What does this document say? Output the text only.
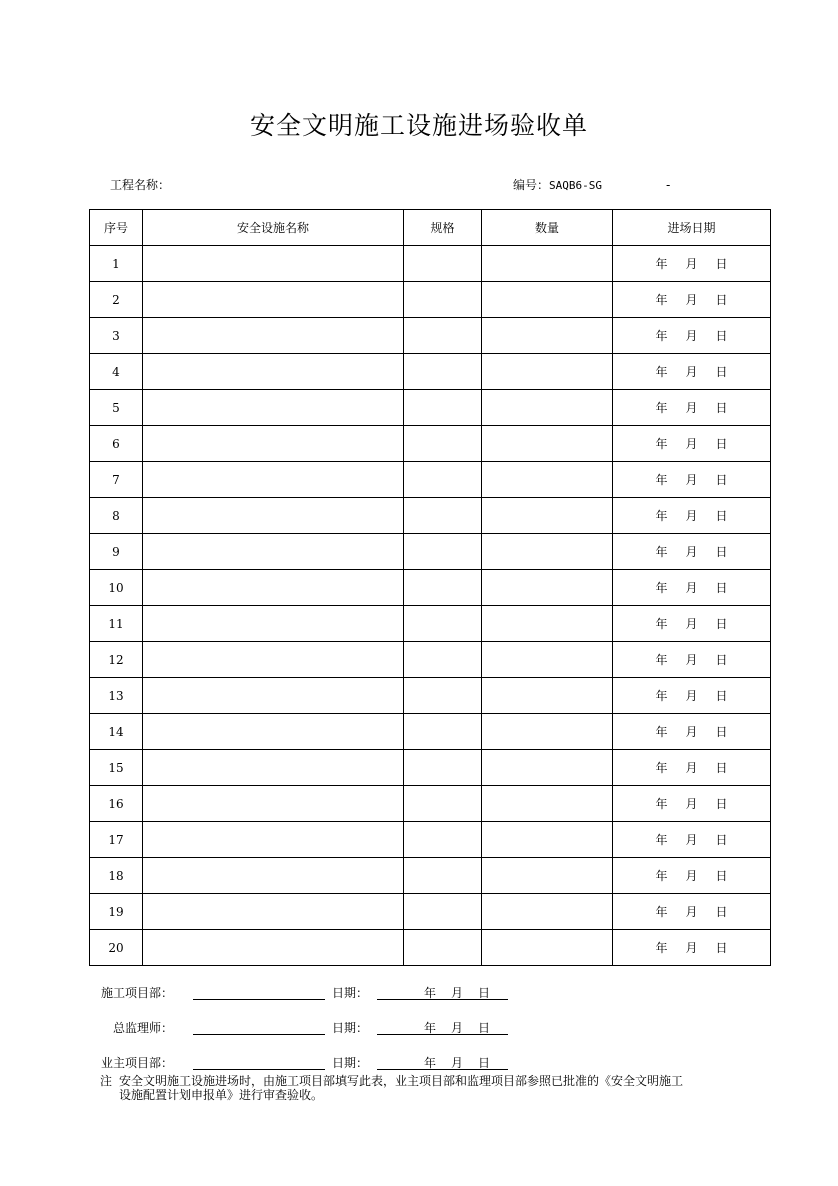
安全文明施工设施进场验收单
工程名称：	编号：SAQB6-SG	-
序号	安全设施名称	规格	数量	进场日期
1				年 月 日
2				年 月 日
3				年 月 日
4				年 月 日
5				年 月 日
6				年 月 日
7				年 月 日
8				年 月 日
9				年 月 日
10				年 月 日
11				年 月 日
12				年 月 日
13				年 月 日
14				年 月 日
15				年 月 日
16				年 月 日
17				年 月 日
18				年 月 日
19				年 月 日
20				年 月 日
施工项目部：	日期：	年 月 日
总监理师：	日期：	年 月 日
业主项目部：	日期：	年 月 日
注 安全文明施工设施进场时，由施工项目部填写此表，业主项目部和监理项目部参照已批准的《安全文明施工
设施配置计划申报单》进行审查验收。
